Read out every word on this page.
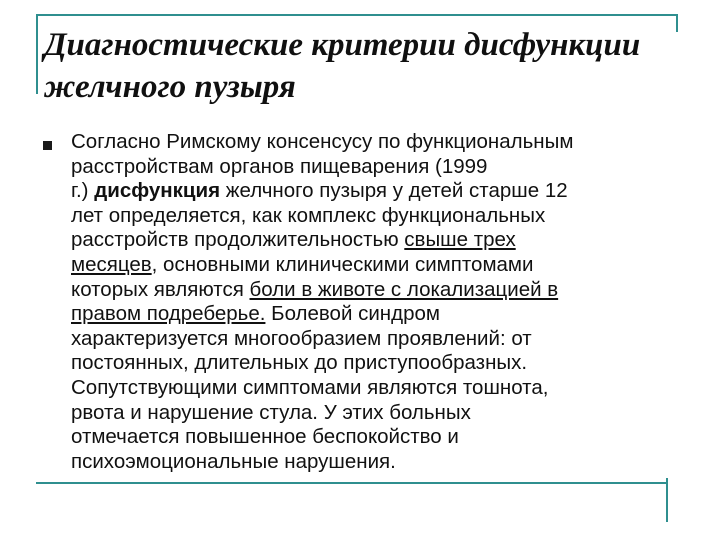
Диагностические критерии дисфункции
желчного пузыря
Согласно Римскому консенсусу по функциональным
расстройствам органов пищеварения (1999
г.) дисфункция желчного пузыря у детей старше 12
лет определяется, как комплекс функциональных
расстройств продолжительностью свыше трех
месяцев, основными клиническими симптомами
которых являются боли в животе с локализацией в
правом подреберье. Болевой синдром
характеризуется многообразием проявлений: от
постоянных, длительных до приступообразных.
Сопутствующими симптомами являются тошнота,
рвота и нарушение стула. У этих больных
отмечается повышенное беспокойство и
психоэмоциональные нарушения.
